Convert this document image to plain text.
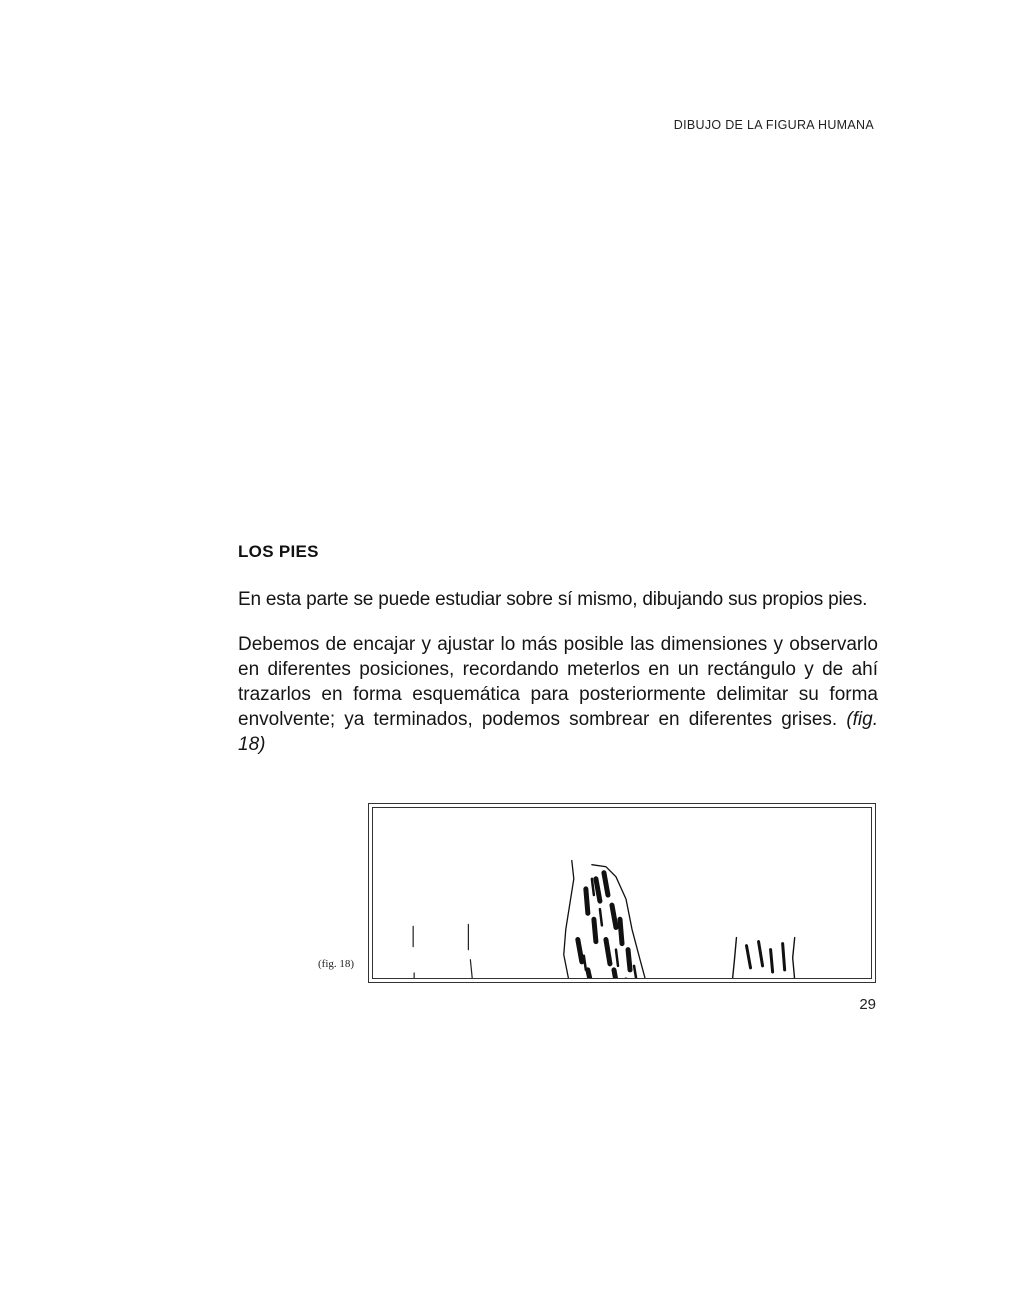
DIBUJO DE LA FIGURA HUMANA
LOS PIES

En esta parte se puede estudiar sobre sí mismo, dibujando sus propios pies.

Debemos de encajar y ajustar lo más posible las dimensiones y observarlo en diferentes posiciones, recordando meterlos en un rectángulo y de ahí trazarlos en forma esquemática para posteriormente delimitar su forma envolvente; ya terminados, podemos sombrear en diferentes grises. (fig. 18)

(fig. 18)
29
